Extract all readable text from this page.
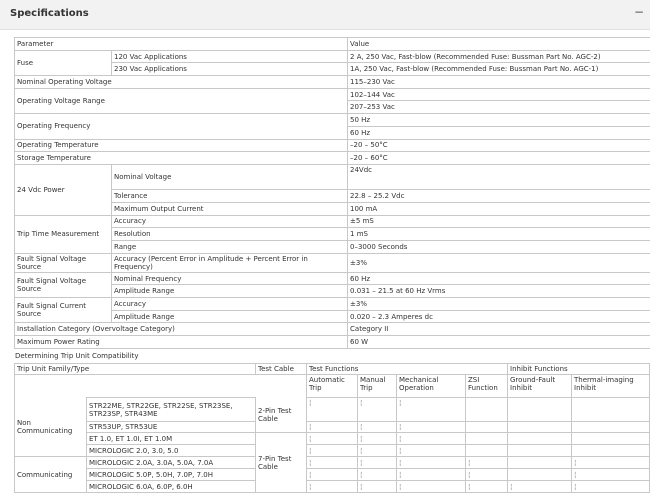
Specifications	−
Parameter		Value
Fuse	120 Vac Applications	2 A, 250 Vac, Fast-blow (Recommended Fuse: Bussman Part No. AGC-2)
	230 Vac Applications	1A, 250 Vac, Fast-blow (Recommended Fuse: Bussman Part No. AGC-1)
Nominal Operating Voltage		115–230 Vac
Operating Voltage Range		102–144 Vac
		207–253 Vac
Operating Frequency		50 Hz
		60 Hz
Operating Temperature		–20 – 50°C
Storage Temperature		–20 – 60°C
24 Vdc Power	Nominal Voltage	24Vdc
	Tolerance	22.8 – 25.2 Vdc
	Maximum Output Current	100 mA
Trip Time Measurement	Accuracy	±5 mS
	Resolution	1 mS
	Range	0–3000 Seconds
Fault Signal Voltage Source	Accuracy (Percent Error in Amplitude + Percent Error in Frequency)	±3%
Fault Signal Voltage Source	Nominal Frequency	60 Hz
	Amplitude Range	0.031 – 21.5 at 60 Hz Vrms
Fault Signal Current Source	Accuracy	±3%
	Amplitude Range	0.020 – 2.3 Amperes dc
Installation Category (Overvoltage Category)		Category II
Maximum Power Rating		60 W
Determining Trip Unit Compatibility
Trip Unit Family/Type		Test Cable	Test Functions				Inhibit Functions	
			Automatic Trip	Manual Trip	Mechanical Operation	ZSI Function	Ground-Fault Inhibit	Thermal-imaging Inhibit
Non Communicating	STR22ME, STR22GE, STR22SE, STR23SE, STR23SP, STR43ME	2-Pin Test Cable	¦	¦	¦			
	STR53UP, STR53UE		¦	¦	¦			
	ET 1.0, ET 1.0I, ET 1.0M	7-Pin Test Cable	¦	¦	¦			
	MICROLOGIC 2.0, 3.0, 5.0		¦	¦	¦			
Communicating	MICROLOGIC 2.0A, 3.0A, 5.0A, 7.0A		¦	¦	¦	¦		¦
	MICROLOGIC 5.0P, 5.0H, 7.0P, 7.0H		¦	¦	¦	¦		¦
	MICROLOGIC 6.0A, 6.0P, 6.0H		¦	¦	¦	¦	¦	¦
